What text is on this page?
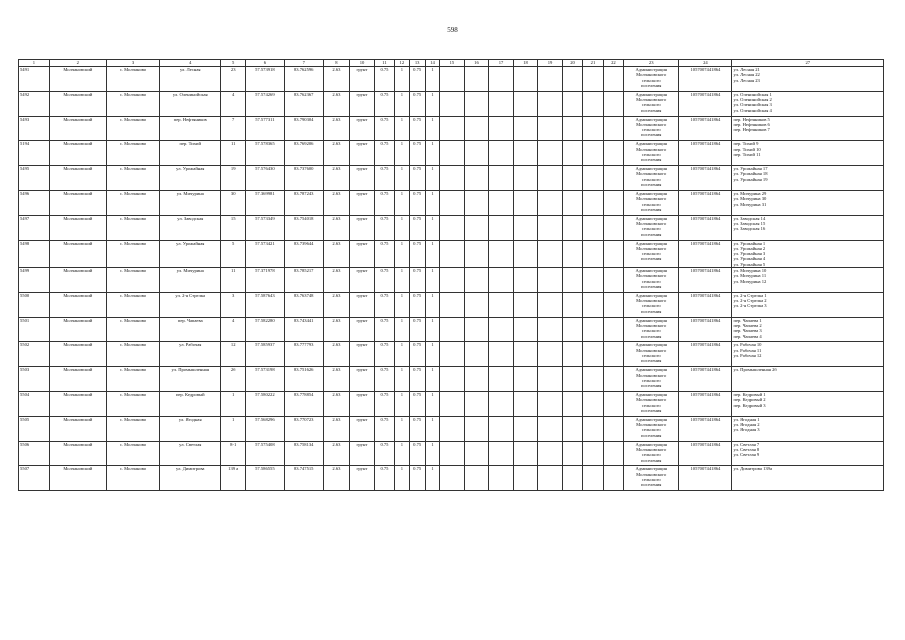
598
1	2	3	4	5	6	7	8	10	11	12	13	14	15	16	17	18	19	20	21	22	23	24	27
5491	Молчановский	с. Молчаново	ул. Лесная	23	57.573918	83.762596	2.63	грунт	0.75	1	0.75	1									Администрация
Молчановского
сельского
поселения	1057007441864	ул. Лесная 21
ул. Лесная 22
ул. Лесная 23

5492	Молчановский	с. Молчаново	ул. Оленинойская	4	57.574269	83.762367	2.63	грунт	0.75	1	0.75	1									Администрация
Молчановского
сельского
поселения	1057007441864	ул. Оленинойская 1
ул. Оленинойская 2
ул. Оленинойская 3
ул. Оленинойская 4

5493	Молчановский	с. Молчаново	пер. Нефтяников	7	57.577311	83.790304	2.63	грунт	0.75	1	0.75	1									Администрация
Молчановского
сельского
поселения	1057007441864	пер. Нефтяников 5
пер. Нефтяников 6
пер. Нефтяников 7

5194	Молчановский	с. Молчаново	пер. Тихий	11	57.578365	83.769206	2.63	грунт	0.75	1	0.75	1									Администрация
Молчановского
сельского
поселения	1057007441864	пер. Тихий 9
пер. Тихий 10
пер. Тихий 11

5495	Молчановский	с. Молчаново	ул. Урожайная	19	57.576430	83.737600	2.63	грунт	0.75	1	0.75	1									Администрация
Молчановского
сельского
поселения	1057007441864	ул. Урожайная 17
ул. Урожайная 18
ул. Урожайная 19

5496	Молчановский	с. Молчаново	ул. Мичурина	30	57.369981	83.787243	2.63	грунт	0.75	1	0.75	1									Администрация
Молчановского
сельского
поселения	1057007441864	ул. Мичурина 29
ул. Мичурина 30
ул. Мичурина 31

5497	Молчановский	с. Молчаново	ул. Заводская	15	57.573349	83.754018	2.63	грунт	0.75	1	0.75	1									Администрация
Молчановского
сельского
поселения	1057007441864	ул. Заводская 14
ул. Заводская 15
ул. Заводская 16

5498	Молчановский	с. Молчаново	ул. Урожайная	5	57.573421	83.739644	2.63	грунт	0.75	1	0.75	1									Администрация
Молчановского
сельского
поселения	1057007441864	ул. Урожайная 1
ул. Урожайная 2
ул. Урожайная 3
ул. Урожайная 4
ул. Урожайная 5

5499	Молчановский	с. Молчаново	ул. Мичурина	11	57.371978	83.785217	2.63	грунт	0.75	1	0.75	1									Администрация
Молчановского
сельского
поселения	1057007441864	ул. Мичурина 10
ул. Мичурина 11
ул. Мичурина 12

5500	Молчановский	с. Молчаново	ул. 2-я Стрелка	3	57.587643	83.763748	2.63	грунт	0.75	1	0.75	1									Администрация
Молчановского
сельского
поселения	1057007441864	ул. 2-я Стрелка 1
ул. 2-я Стрелка 2
ул. 2-я Стрелка 3

5501	Молчановский	с. Молчаново	пер. Чапаева	4	57.582280	83.743441	2.63	грунт	0.75	1	0.75	1									Администрация
Молчановского
сельского
поселения	1057007441864	пер. Чапаева 1
пер. Чапаева 2
пер. Чапаева 3
пер. Чапаева 4

5502	Молчановский	с. Молчаново	ул. Рабочая	12	57.585937	83.777793	2.63	грунт	0.75	1	0.75	1									Администрация
Молчановского
сельского
поселения	1057007441864	ул. Рабочая 10
ул. Рабочая 11
ул. Рабочая 12

5503	Молчановский	с. Молчаново	ул. Промышленная	2б	57.573198	83.751626	2.63	грунт	0.75	1	0.75	1									Администрация
Молчановского
сельского
поселения	1057007441864	ул. Промышленная 2б

5504	Молчановский	с. Молчаново	пер. Кедровый	1	57.580222	83.778854	2.63	грунт	0.75	1	0.75	1									Администрация
Молчановского
сельского
поселения	1057007441864	пер. Кедровый 1
пер. Кедровый 2
пер. Кедровый 3

5505	Молчановский	с. Молчаново	ул. Ягодная	1	57.568296	83.770723	2.63	грунт	0.75	1	0.75	1									Администрация
Молчановского
сельского
поселения	1057007441864	ул. Ягодная 1
ул. Ягодная 2
ул. Ягодная 3

5506	Молчановский	с. Молчаново	ул. Светлая	8-1	57.575408	83.758134	2.63	грунт	0.75	1	0.75	1									Администрация
Молчановского
сельского
поселения	1057007441864	ул. Светлая 7
ул. Светлая 8
ул. Светлая 9

5507	Молчановский	с. Молчаново	ул. Димитрова	139 а	57.586555	83.747515	2.63	грунт	0.75	1	0.75	1									Администрация
Молчановского
сельского
поселения	1057007441864	ул. Димитрова 139а
